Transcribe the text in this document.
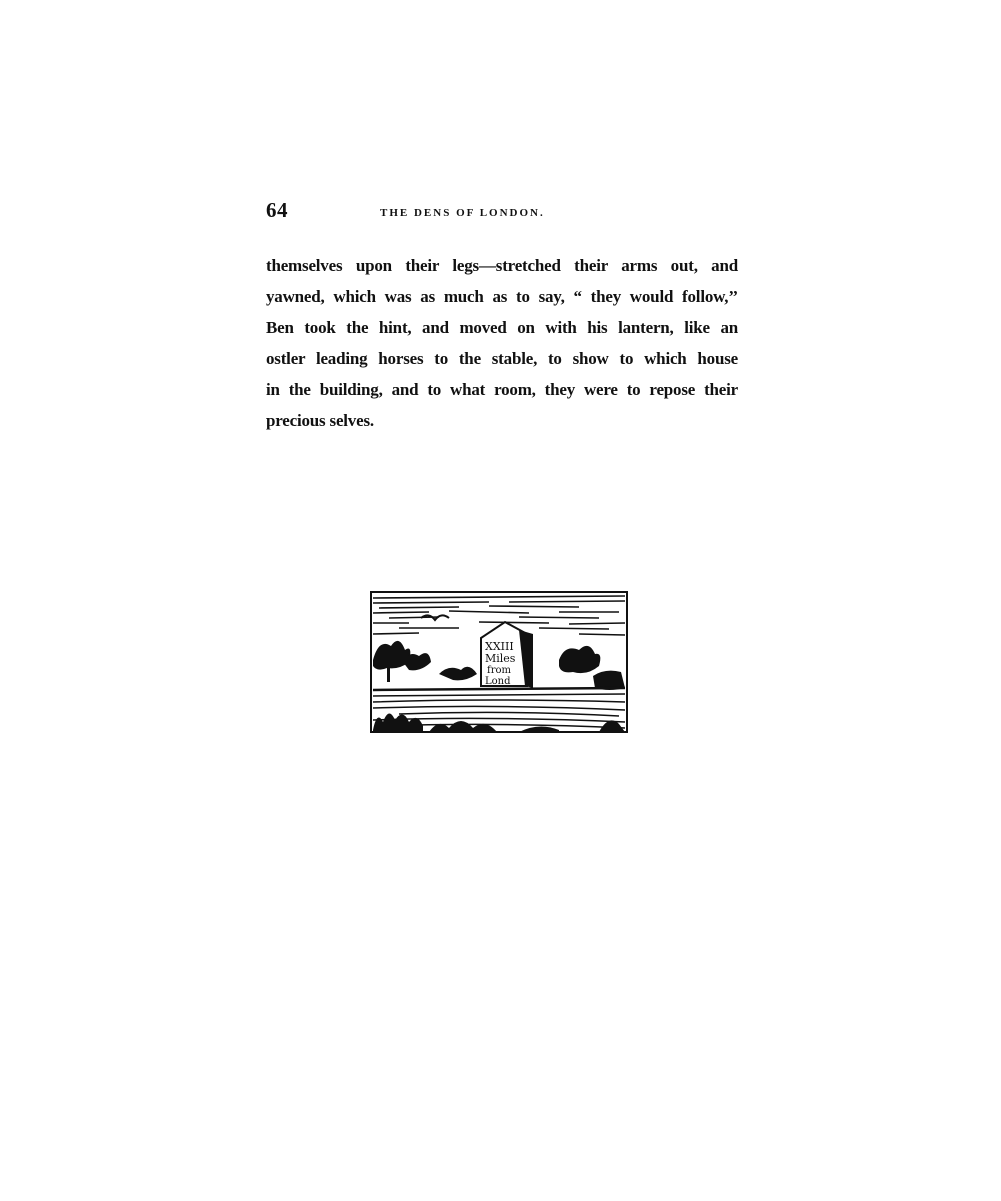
64	THE DENS OF LONDON.
themselves upon their legs—stretched their arms out, and
yawned, which was as much as to say, “ they would follow,’’
Ben took the hint, and moved on with his lantern, like an
ostler leading horses to the stable, to show to which house
in the building, and to what room, they were to repose their
precious selves.
XXIII
Miles
from
Lond
